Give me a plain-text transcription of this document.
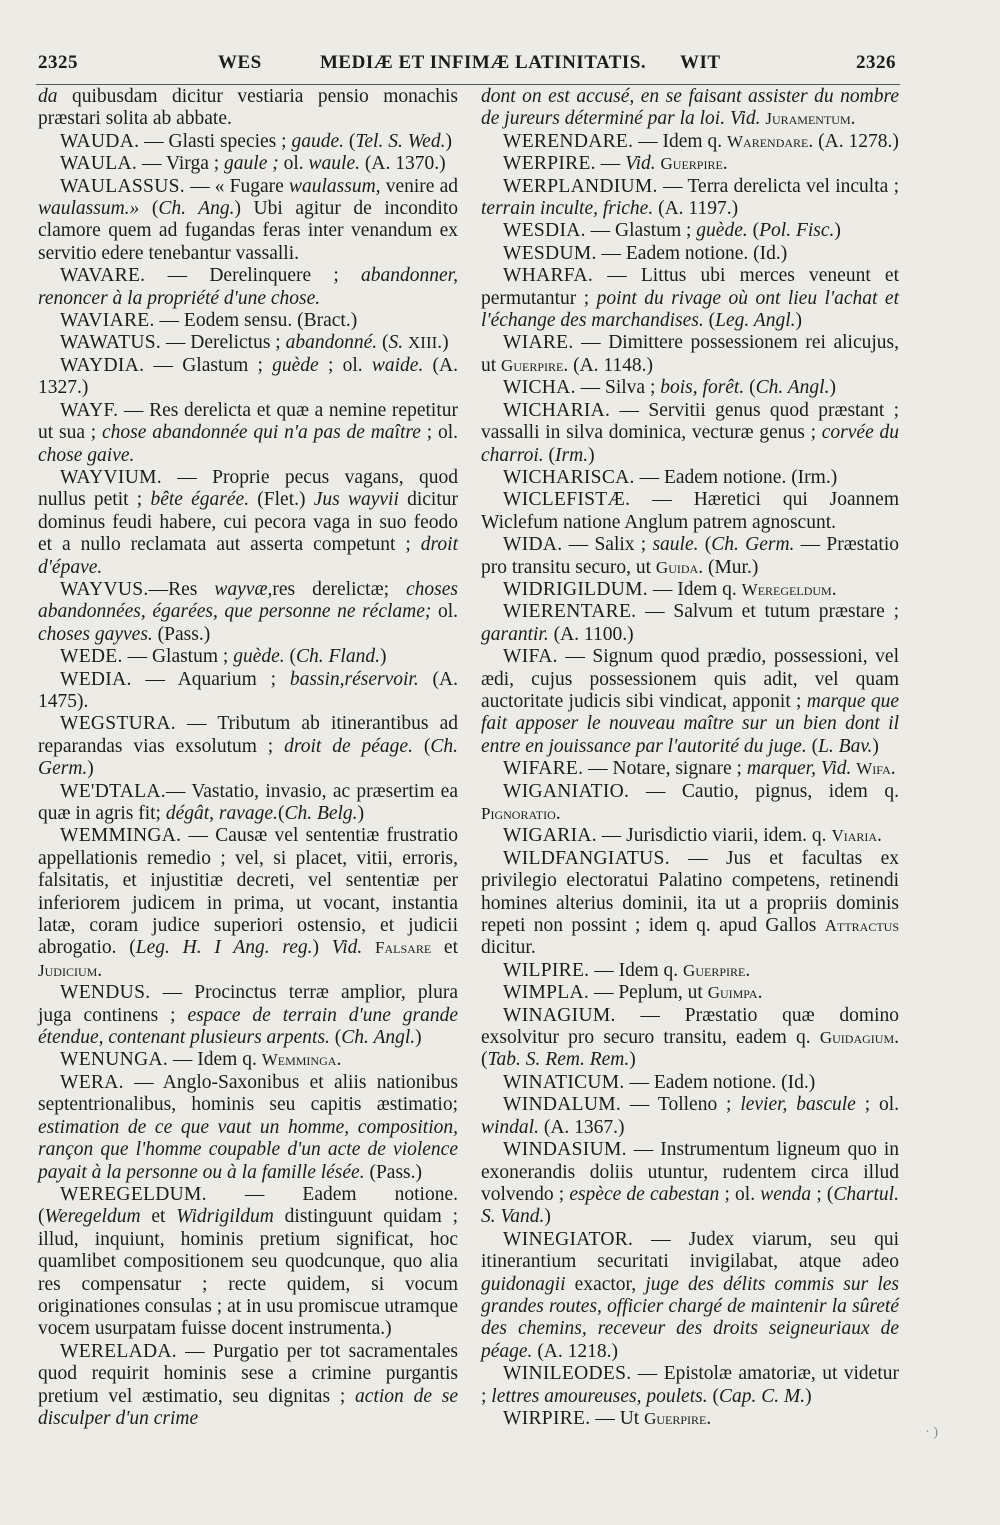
2325	WES	MEDIÆ ET INFIMÆ LATINITATIS. WIT	2326

da quibusdam dicitur vestiaria pensio monachis præstari solita ab abbate.

WAUDA. — Glasti species ; gaude. (Tel. S. Wed.)

WAULA. — Virga ; gaule ; ol. waule. (A. 1370.)

WAULASSUS. — « Fugare waulassum, venire ad waulassum.» (Ch. Ang.) Ubi agitur de incondito clamore quem ad fugandas feras inter venandum ex servitio edere tenebantur vassalli.

WAVARE. — Derelinquere ; abandonner, renoncer à la propriété d'une chose.

WAVIARE. — Eodem sensu. (Bract.)

WAWATUS. — Derelictus ; abandonné. (S. XIII.)

WAYDIA. — Glastum ; guède ; ol. waide. (A. 1327.)

WAYF. — Res derelicta et quæ a nemine repetitur ut sua ; chose abandonnée qui n'a pas de maître ; ol. chose gaive.

WAYVIUM. — Proprie pecus vagans, quod nullus petit ; bête égarée. (Flet.) Jus wayvii dicitur dominus feudi habere, cui pecora vaga in suo feodo et a nullo reclamata aut asserta competunt ; droit d'épave.

WAYVUS.—Res wayvæ,res derelictæ; choses abandonnées, égarées, que personne ne réclame; ol. choses gayves. (Pass.)

WEDE. — Glastum ; guède. (Ch. Fland.)

WEDIA. — Aquarium ; bassin,réservoir. (A. 1475).

WEGSTURA. — Tributum ab itinerantibus ad reparandas vias exsolutum ; droit de péage. (Ch. Germ.)

WE'DTALA.— Vastatio, invasio, ac præsertim ea quæ in agris fit; dégât, ravage.(Ch. Belg.)

WEMMINGA. — Causæ vel sententiæ frustratio appellationis remedio ; vel, si placet, vitii, erroris, falsitatis, et injustitiæ decreti, vel sententiæ per inferiorem judicem in prima, ut vocant, instantia latæ, coram judice superiori ostensio, et judicii abrogatio. (Leg. H. I Ang. reg.) Vid. Falsare et Judicium.

WENDUS. — Procinctus terræ amplior, plura juga continens ; espace de terrain d'une grande étendue, contenant plusieurs arpents. (Ch. Angl.)

WENUNGA. — Idem q. Wemminga.

WERA. — Anglo-Saxonibus et aliis nationibus septentrionalibus, hominis seu capitis æstimatio; estimation de ce que vaut un homme, composition, rançon que l'homme coupable d'un acte de violence payait à la personne ou à la famille lésée. (Pass.)

WEREGELDUM. — Eadem notione. (Weregeldum et Widrigildum distinguunt quidam ; illud, inquiunt, hominis pretium significat, hoc quamlibet compositionem seu quodcunque, quo alia res compensatur ; recte quidem, si vocum originationes consulas ; at in usu promiscue utramque vocem usurpatam fuisse docent instrumenta.)

WERELADA. — Purgatio per tot sacramentales quod requirit hominis sese a crimine purgantis pretium vel æstimatio, seu dignitas ; action de se disculper d'un crime

dont on est accusé, en se faisant assister du nombre de jureurs déterminé par la loi. Vid. Juramentum.

WERENDARE. — Idem q. Warendare. (A. 1278.)

WERPIRE. — Vid. Guerpire.

WERPLANDIUM. — Terra derelicta vel inculta ; terrain inculte, friche. (A. 1197.)

WESDIA. — Glastum ; guède. (Pol. Fisc.)

WESDUM. — Eadem notione. (Id.)

WHARFA. — Littus ubi merces veneunt et permutantur ; point du rivage où ont lieu l'achat et l'échange des marchandises. (Leg. Angl.)

WIARE. — Dimittere possessionem rei alicujus, ut Guerpire. (A. 1148.)

WICHA. — Silva ; bois, forêt. (Ch. Angl.)

WICHARIA. — Servitii genus quod præstant ; vassalli in silva dominica, vecturæ genus ; corvée du charroi. (Irm.)

WICHARISCA. — Eadem notione. (Irm.)

WICLEFISTÆ. — Hæretici qui Joannem Wiclefum natione Anglum patrem agnoscunt.

WIDA. — Salix ; saule. (Ch. Germ. — Præstatio pro transitu securo, ut Guida. (Mur.)

WIDRIGILDUM. — Idem q. Weregeldum.

WIERENTARE. — Salvum et tutum præstare ; garantir. (A. 1100.)

WIFA. — Signum quod prædio, possessioni, vel ædi, cujus possessionem quis adit, vel quam auctoritate judicis sibi vindicat, apponit ; marque que fait apposer le nouveau maître sur un bien dont il entre en jouissance par l'autorité du juge. (L. Bav.)

WIFARE. — Notare, signare ; marquer, Vid. Wifa.

WIGANIATIO. — Cautio, pignus, idem q. Pignoratio.

WIGARIA. — Jurisdictio viarii, idem. q. Viaria.

WILDFANGIATUS. — Jus et facultas ex privilegio electoratui Palatino competens, retinendi homines alterius dominii, ita ut a propriis dominis repeti non possint ; idem q. apud Gallos Attractus dicitur.

WILPIRE. — Idem q. Guerpire.

WIMPLA. — Peplum, ut Guimpa.

WINAGIUM. — Præstatio quæ domino exsolvitur pro securo transitu, eadem q. Guidagium. (Tab. S. Rem. Rem.)

WINATICUM. — Eadem notione. (Id.)

WINDALUM. — Tolleno ; levier, bascule ; ol. windal. (A. 1367.)

WINDASIUM. — Instrumentum ligneum quo in exonerandis doliis utuntur, rudentem circa illud volvendo ; espèce de cabestan ; ol. wenda ; (Chartul. S. Vand.)

WINEGIATOR. — Judex viarum, seu qui itinerantium securitati invigilabat, atque adeo guidonagii exactor, juge des délits commis sur les grandes routes, officier chargé de maintenir la sûreté des chemins, receveur des droits seigneuriaux de péage. (A. 1218.)

WINILEODES. — Epistolæ amatoriæ, ut videtur ; lettres amoureuses, poulets. (Cap. C. M.)

WIRPIRE. — Ut Guerpire.

· )
